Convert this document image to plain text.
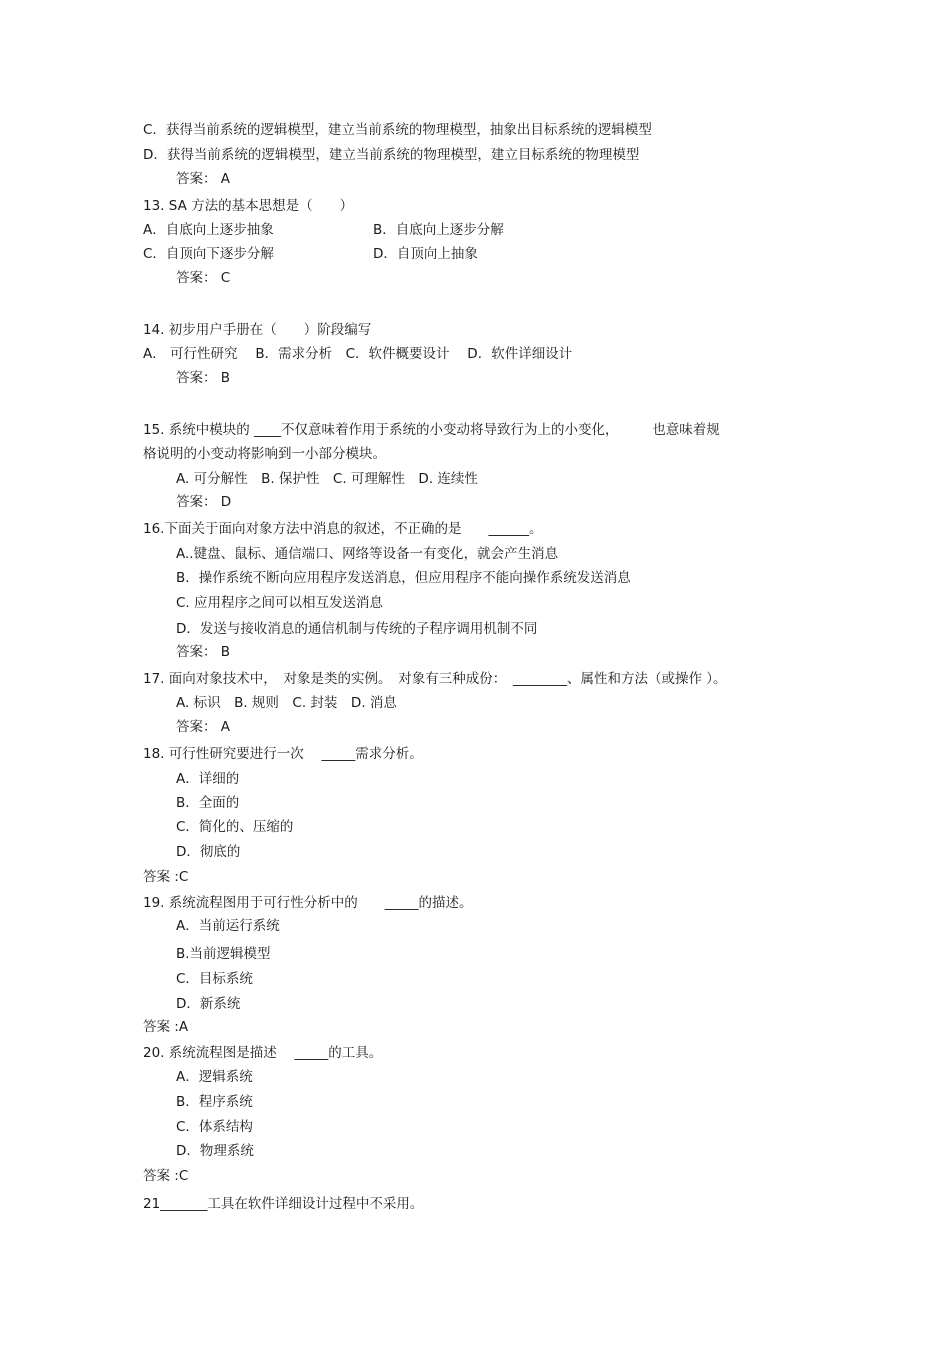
C．获得当前系统的逻辑模型，建立当前系统的物理模型，抽象出目标系统的逻辑模型
D．获得当前系统的逻辑模型，建立当前系统的物理模型，建立目标系统的物理模型
答案： A
13. SA 方法的基本思想是（　　）
A．自底向上逐步抽象	B．自底向上逐步分解
C．自顶向下逐步分解	D．自顶向上抽象
答案： C
14. 初步用户手册在（　　）阶段编写
A． 可行性研究　 B．需求分析　C．软件概要设计　 D．软件详细设计
答案： B
15. 系统中模块的 ____不仅意味着作用于系统的小变动将导致行为上的小变化，　　　也意味着规
格说明的小变动将影响到一小部分模块。
A. 可分解性　B. 保护性　C. 可理解性　D. 连续性
答案： D
16.下面关于面向对象方法中消息的叙述，不正确的是　　______。
A..键盘、鼠标、通信端口、网络等设备一有变化，就会产生消息
B．操作系统不断向应用程序发送消息，但应用程序不能向操作系统发送消息
C. 应用程序之间可以相互发送消息
D．发送与接收消息的通信机制与传统的子程序调用机制不同
答案： B
17. 面向对象技术中，　对象是类的实例。　对象有三种成份：　________、属性和方法（或操作 ）。
A. 标识　B. 规则　C. 封装　D. 消息
答案： A
18. 可行性研究要进行一次　 _____需求分析。
A．详细的
B．全面的
C．简化的、压缩的
D．彻底的
答案 :C
19. 系统流程图用于可行性分析中的　　_____的描述。
A．当前运行系统
B.当前逻辑模型
C．目标系统
D．新系统
答案 :A
20. 系统流程图是描述　 _____的工具。
A．逻辑系统
B．程序系统
C．体系结构
D．物理系统
答案 :C
21_______工具在软件详细设计过程中不采用。
